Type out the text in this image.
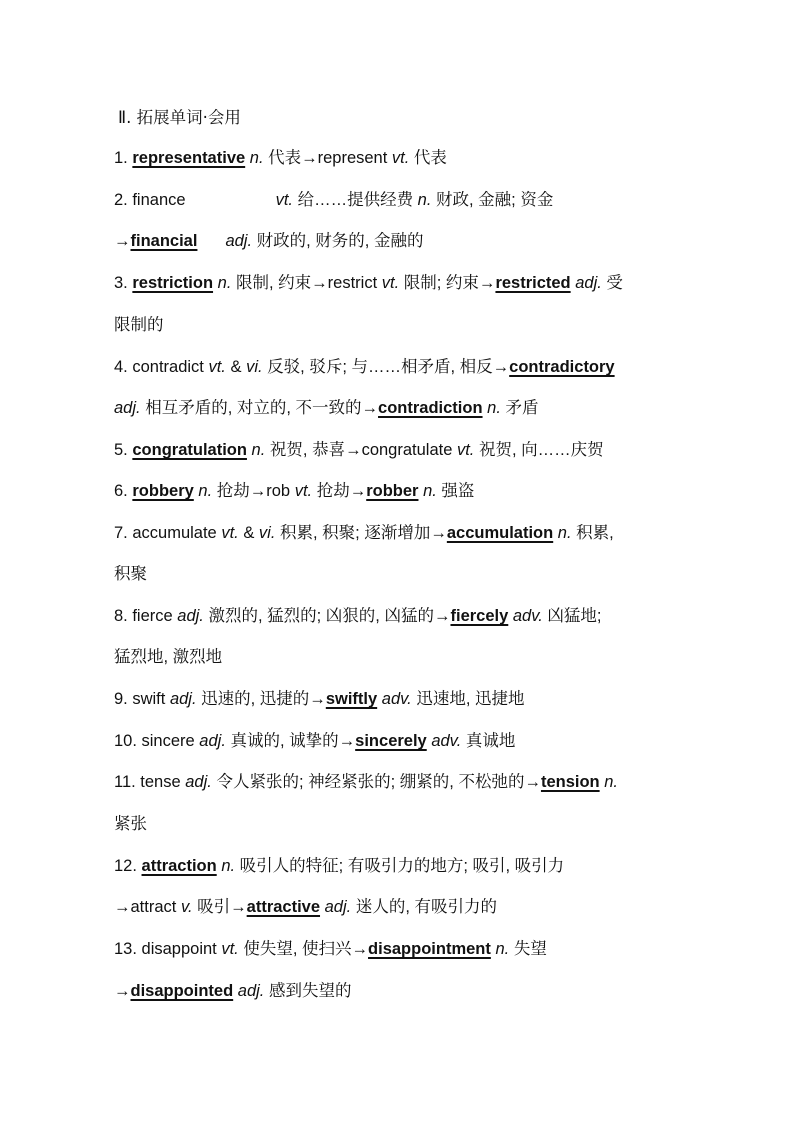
Ⅱ. 拓展单词·会用
1. representative n. 代表→represent vt. 代表
2. finance	vt. 给……提供经费 n. 财政, 金融; 资金
→financial adj. 财政的, 财务的, 金融的
3. restriction n. 限制, 约束→restrict vt. 限制; 约束→restricted adj. 受
限制的
4. contradict vt. & vi. 反驳, 驳斥; 与……相矛盾, 相反→contradictory
adj. 相互矛盾的, 对立的, 不一致的→contradiction n. 矛盾
5. congratulation n. 祝贺, 恭喜→congratulate vt. 祝贺, 向……庆贺
6. robbery n. 抢劫→rob vt. 抢劫→robber n. 强盗
7. accumulate vt. & vi. 积累, 积聚; 逐渐增加→accumulation n. 积累,
积聚
8. fierce adj. 激烈的, 猛烈的; 凶狠的, 凶猛的→fiercely adv. 凶猛地;
猛烈地, 激烈地
9. swift adj. 迅速的, 迅捷的→swiftly adv. 迅速地, 迅捷地
10. sincere adj. 真诚的, 诚挚的→sincerely adv. 真诚地
11. tense adj. 令人紧张的; 神经紧张的; 绷紧的, 不松弛的→tension n.
紧张
12. attraction n. 吸引人的特征; 有吸引力的地方; 吸引, 吸引力
→attract v. 吸引→attractive adj. 迷人的, 有吸引力的
13. disappoint vt. 使失望, 使扫兴→disappointment n. 失望
→disappointed adj. 感到失望的
